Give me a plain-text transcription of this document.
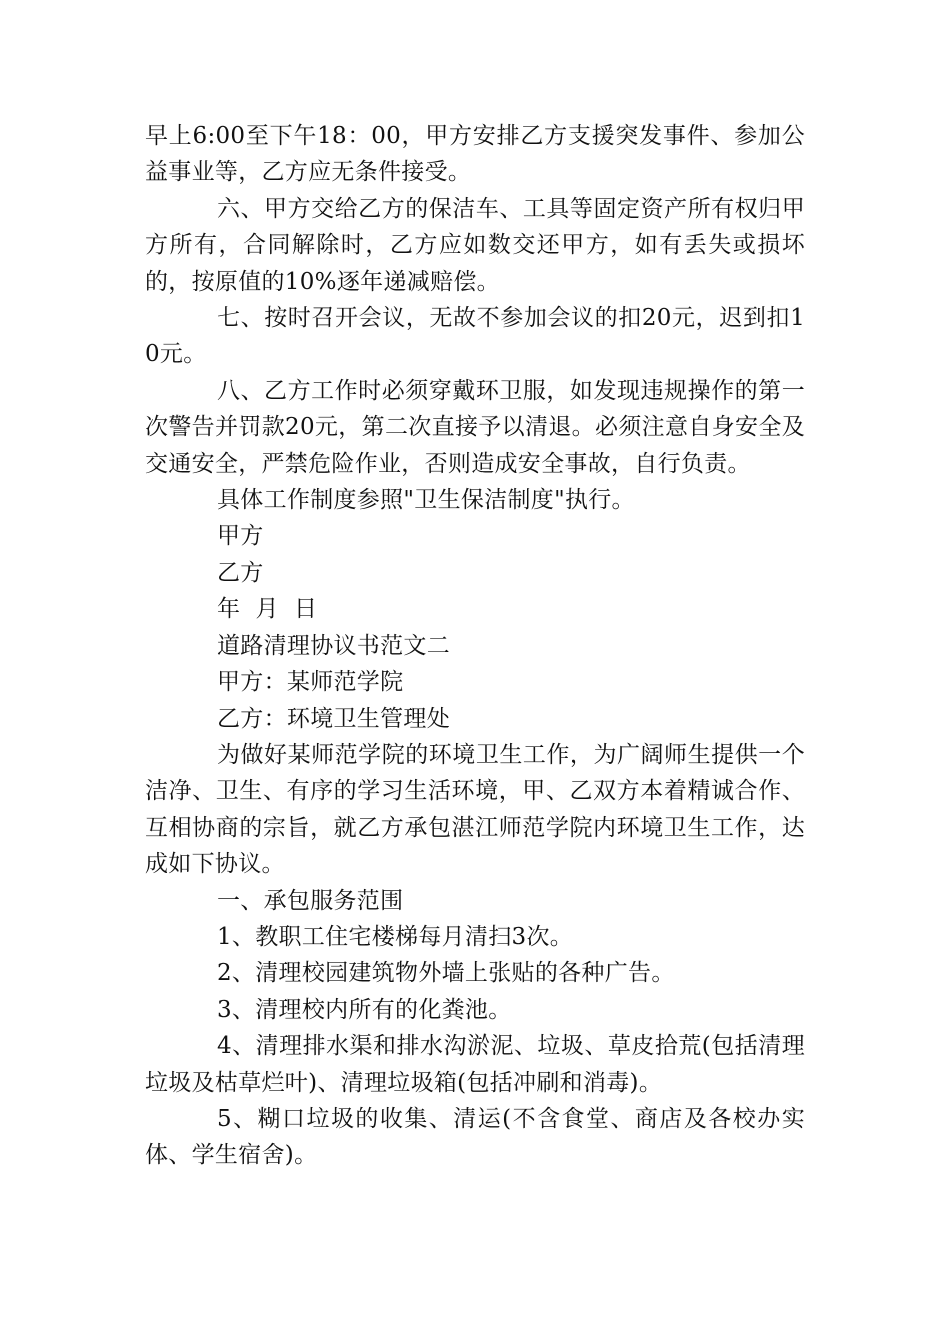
早上6:00至下午18：00，甲方安排乙方支援突发事件、参加公益事业等，乙方应无条件接受。

六、甲方交给乙方的保洁车、工具等固定资产所有权归甲方所有，合同解除时，乙方应如数交还甲方，如有丢失或损坏的，按原值的10%逐年递减赔偿。

七、按时召开会议，无故不参加会议的扣20元，迟到扣10元。

八、乙方工作时必须穿戴环卫服，如发现违规操作的第一次警告并罚款20元，第二次直接予以清退。必须注意自身安全及交通安全，严禁危险作业，否则造成安全事故，自行负责。

具体工作制度参照"卫生保洁制度"执行。

甲方

乙方

年  月  日

道路清理协议书范文二

甲方：某师范学院

乙方：环境卫生管理处

为做好某师范学院的环境卫生工作，为广阔师生提供一个洁净、卫生、有序的学习生活环境，甲、乙双方本着精诚合作、互相协商的宗旨，就乙方承包湛江师范学院内环境卫生工作，达成如下协议。

一、承包服务范围

1、教职工住宅楼梯每月清扫3次。

2、清理校园建筑物外墙上张贴的各种广告。

3、清理校内所有的化粪池。

4、清理排水渠和排水沟淤泥、垃圾、草皮拾荒(包括清理垃圾及枯草烂叶)、清理垃圾箱(包括冲刷和消毒)。

5、糊口垃圾的收集、清运(不含食堂、商店及各校办实体、学生宿舍)。
